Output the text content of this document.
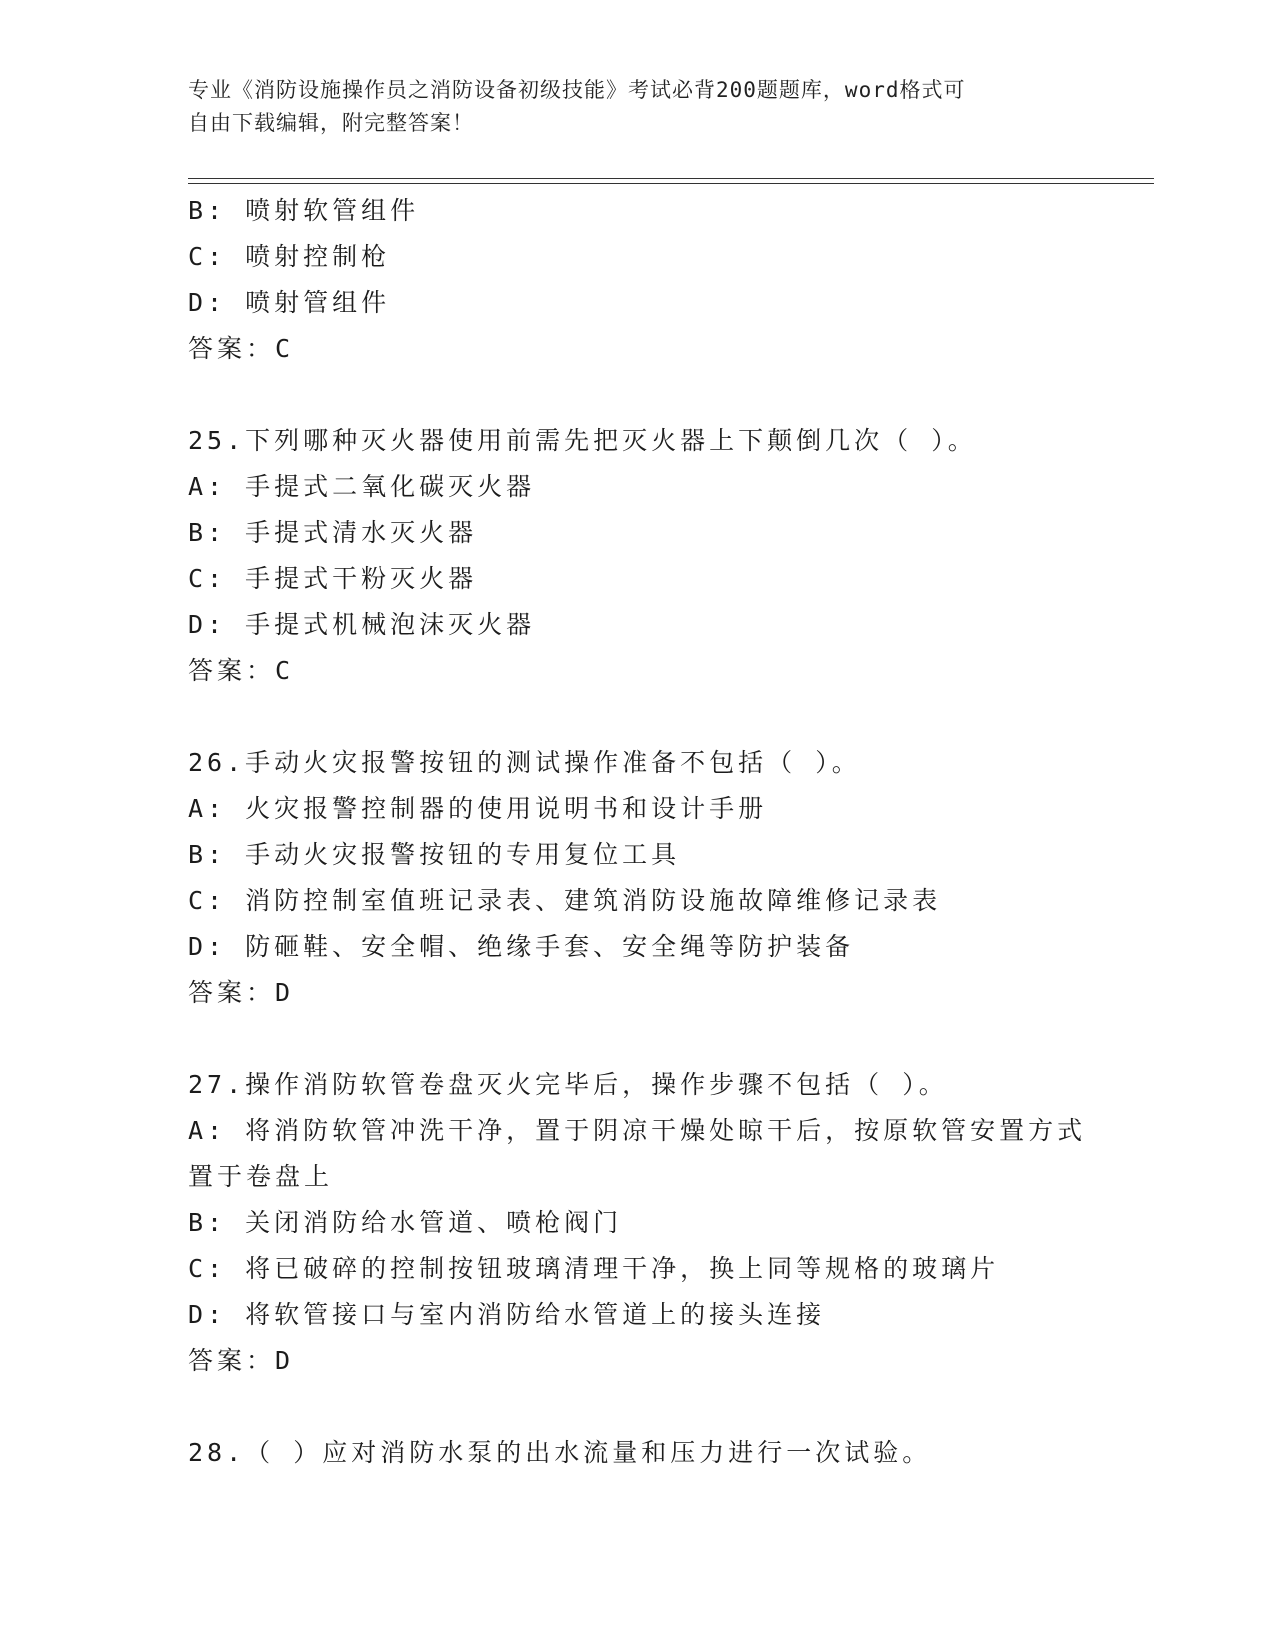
专业《消防设施操作员之消防设备初级技能》考试必背200题题库，word格式可
自由下载编辑，附完整答案！
B: 喷射软管组件
C: 喷射控制枪
D: 喷射管组件
答案：C
25.下列哪种灭火器使用前需先把灭火器上下颠倒几次（ ）。
A: 手提式二氧化碳灭火器
B: 手提式清水灭火器
C: 手提式干粉灭火器
D: 手提式机械泡沫灭火器
答案：C
26.手动火灾报警按钮的测试操作准备不包括（ ）。
A: 火灾报警控制器的使用说明书和设计手册
B: 手动火灾报警按钮的专用复位工具
C: 消防控制室值班记录表、建筑消防设施故障维修记录表
D: 防砸鞋、安全帽、绝缘手套、安全绳等防护装备
答案：D
27.操作消防软管卷盘灭火完毕后，操作步骤不包括（ ）。
A: 将消防软管冲洗干净，置于阴凉干燥处晾干后，按原软管安置方式
置于卷盘上
B: 关闭消防给水管道、喷枪阀门
C: 将已破碎的控制按钮玻璃清理干净，换上同等规格的玻璃片
D: 将软管接口与室内消防给水管道上的接头连接
答案：D
28.（ ）应对消防水泵的出水流量和压力进行一次试验。
